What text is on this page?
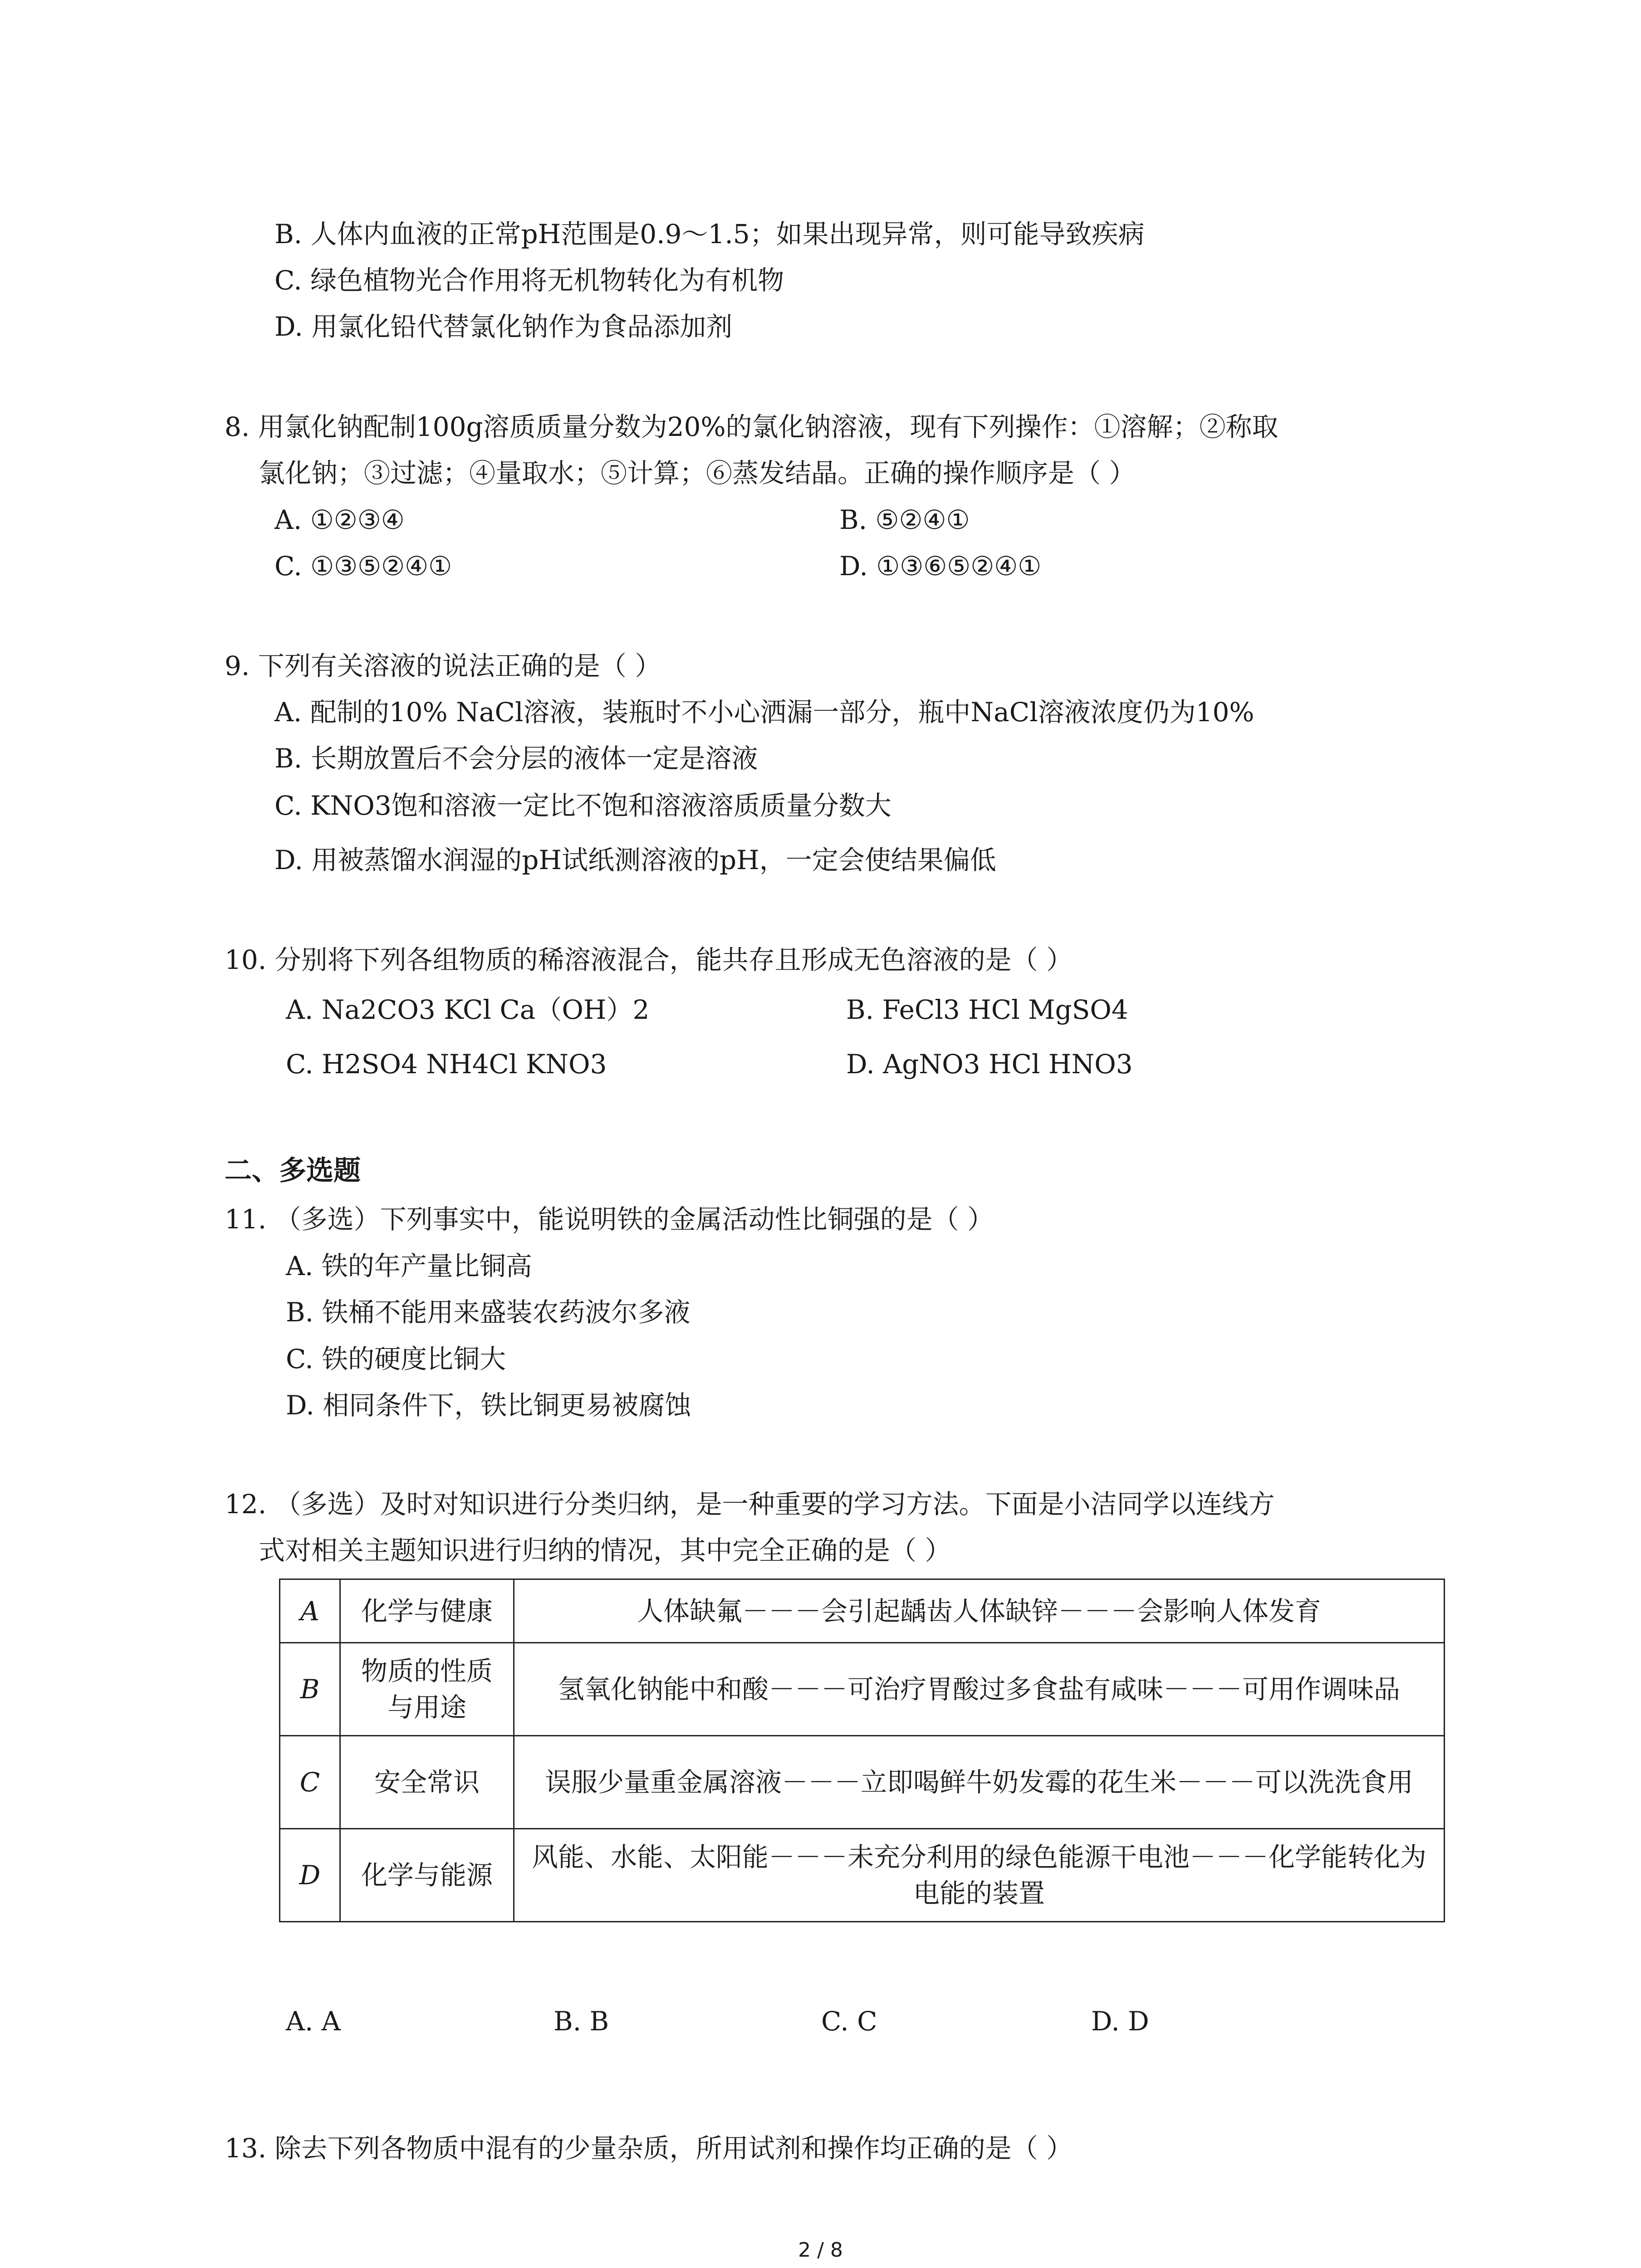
B. 人体内血液的正常pH范围是0.9～1.5；如果出现异常，则可能导致疾病
C. 绿色植物光合作用将无机物转化为有机物
D. 用氯化铅代替氯化钠作为食品添加剂
8. 用氯化钠配制100g溶质质量分数为20%的氯化钠溶液，现有下列操作：①溶解；②称取
氯化钠；③过滤；④量取水；⑤计算；⑥蒸发结晶。正确的操作顺序是（ ）
A. ①②③④	B. ⑤②④①
C. ①③⑤②④①	D. ①③⑥⑤②④①
9. 下列有关溶液的说法正确的是（ ）
A. 配制的10% NaCl溶液，装瓶时不小心洒漏一部分，瓶中NaCl溶液浓度仍为10%
B. 长期放置后不会分层的液体一定是溶液
C. KNO3饱和溶液一定比不饱和溶液溶质质量分数大
D. 用被蒸馏水润湿的pH试纸测溶液的pH，一定会使结果偏低
10. 分别将下列各组物质的稀溶液混合，能共存且形成无色溶液的是（ ）
A. Na2CO3 KCl Ca（OH）2	B. FeCl3 HCl MgSO4
C. H2SO4 NH4Cl KNO3	D. AgNO3 HCl HNO3
二、多选题
11. （多选）下列事实中，能说明铁的金属活动性比铜强的是（ ）
A. 铁的年产量比铜高
B. 铁桶不能用来盛装农药波尔多液
C. 铁的硬度比铜大
D. 相同条件下，铁比铜更易被腐蚀
12. （多选）及时对知识进行分类归纳，是一种重要的学习方法。下面是小洁同学以连线方
式对相关主题知识进行归纳的情况，其中完全正确的是（ ）
A	化学与健康	人体缺氟－－－会引起龋齿人体缺锌－－－会影响人体发育
B	物质的性质与用途	氢氧化钠能中和酸－－－可治疗胃酸过多食盐有咸味－－－可用作调味品
C	安全常识	误服少量重金属溶液－－－立即喝鲜牛奶发霉的花生米－－－可以洗洗食用
D	化学与能源	风能、水能、太阳能－－－未充分利用的绿色能源干电池－－－化学能转化为电能的装置
A. A	B. B	C. C	D. D
13. 除去下列各物质中混有的少量杂质，所用试剂和操作均正确的是（ ）
2 / 8
